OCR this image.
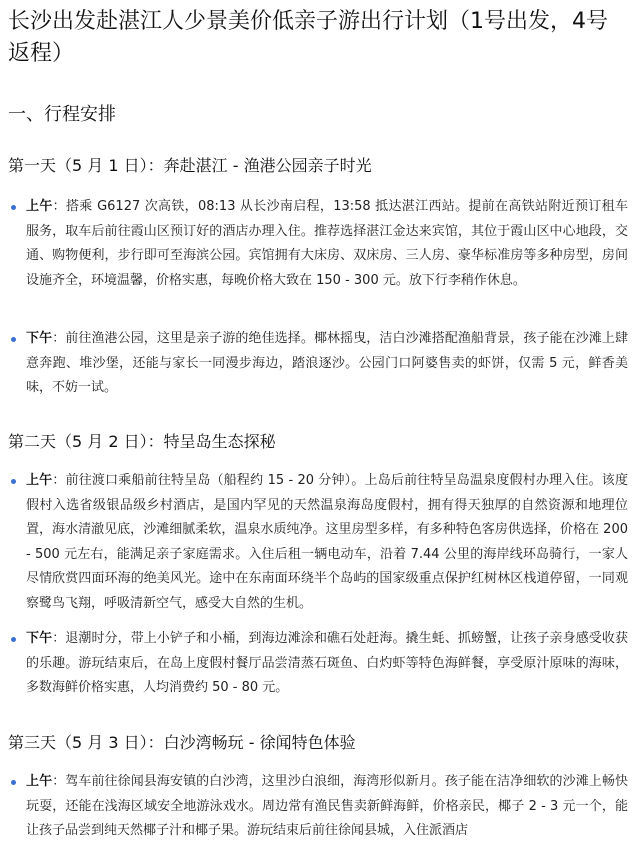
长沙出发赴湛江人少景美价低亲子游出行计划（1号出发，4号返程）
一、行程安排
第一天（5 月 1 日）：奔赴湛江 - 渔港公园亲子时光
上午：搭乘 G6127 次高铁，08:13 从长沙南启程，13:58 抵达湛江西站。提前在高铁站附近预订租车服务，取车后前往霞山区预订好的酒店办理入住。推荐选择湛江金达来宾馆，其位于霞山区中心地段，交通、购物便利，步行即可至海滨公园。宾馆拥有大床房、双床房、三人房、豪华标准房等多种房型，房间设施齐全，环境温馨，价格实惠，每晚价格大致在 150 - 300 元。放下行李稍作休息。
下午：前往渔港公园，这里是亲子游的绝佳选择。椰林摇曳，洁白沙滩搭配渔船背景，孩子能在沙滩上肆意奔跑、堆沙堡，还能与家长一同漫步海边，踏浪逐沙。公园门口阿婆售卖的虾饼，仅需 5 元，鲜香美味，不妨一试。
第二天（5 月 2 日）：特呈岛生态探秘
上午：前往渡口乘船前往特呈岛（船程约 15 - 20 分钟）。上岛后前往特呈岛温泉度假村办理入住。该度假村入选省级银品级乡村酒店，是国内罕见的天然温泉海岛度假村，拥有得天独厚的自然资源和地理位置，海水清澈见底，沙滩细腻柔软，温泉水质纯净。这里房型多样，有多种特色客房供选择，价格在 200 - 500 元左右，能满足亲子家庭需求。入住后租一辆电动车，沿着 7.44 公里的海岸线环岛骑行，一家人尽情欣赏四面环海的绝美风光。途中在东南面环绕半个岛屿的国家级重点保护红树林区栈道停留，一同观察鹭鸟飞翔，呼吸清新空气，感受大自然的生机。
下午：退潮时分，带上小铲子和小桶，到海边滩涂和礁石处赶海。撬生蚝、抓螃蟹，让孩子亲身感受收获的乐趣。游玩结束后，在岛上度假村餐厅品尝清蒸石斑鱼、白灼虾等特色海鲜餐，享受原汁原味的海味，多数海鲜价格实惠，人均消费约 50 - 80 元。
第三天（5 月 3 日）：白沙湾畅玩 - 徐闻特色体验
上午：驾车前往徐闻县海安镇的白沙湾，这里沙白浪细，海湾形似新月。孩子能在洁净细软的沙滩上畅快玩耍，还能在浅海区域安全地游泳戏水。周边常有渔民售卖新鲜海鲜，价格亲民，椰子 2 - 3 元一个，能让孩子品尝到纯天然椰子汁和椰子果。游玩结束后前往徐闻县城，入住派酒店
